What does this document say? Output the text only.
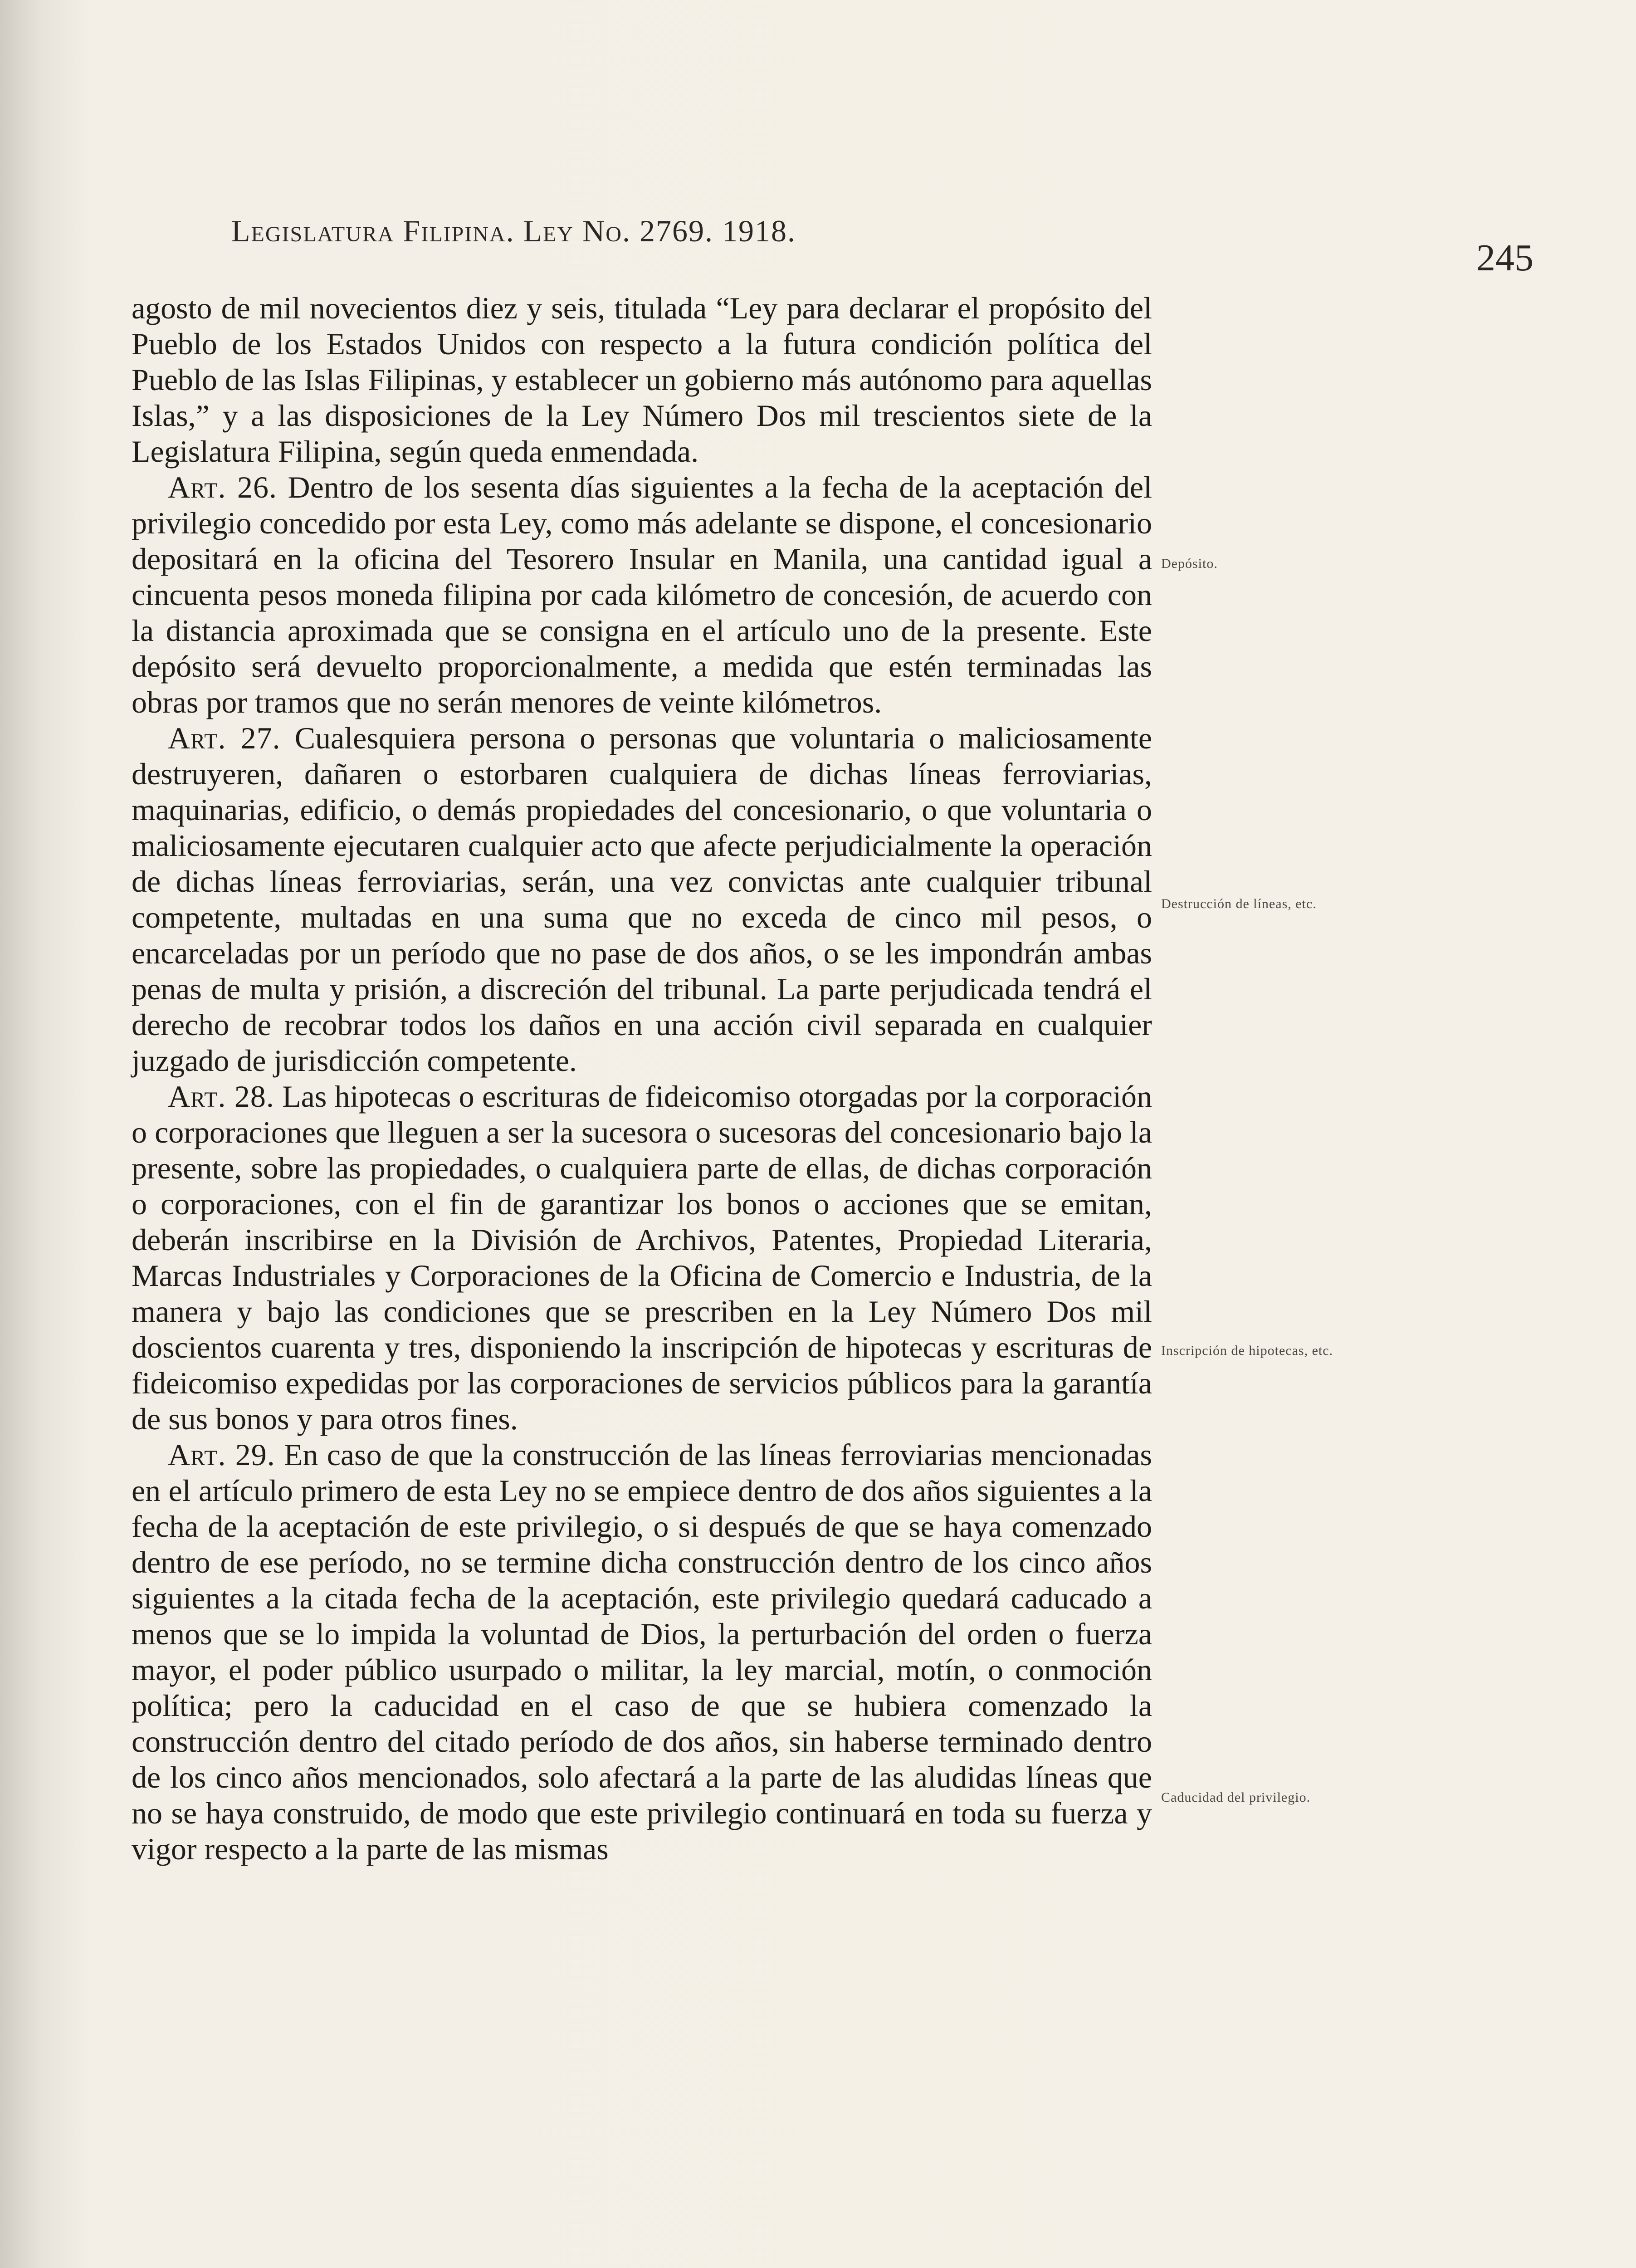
Legislatura Filipina. Ley No. 2769. 1918.
245

agosto de mil novecientos diez y seis, titulada “Ley para declarar el propósito del Pueblo de los Estados Unidos con respecto a la futura condición política del Pueblo de las Islas Filipinas, y establecer un gobierno más autónomo para aquellas Islas,” y a las disposiciones de la Ley Número Dos mil trescientos siete de la Legislatura Filipina, según queda enmendada.

Art. 26. Dentro de los sesenta días siguientes a la fecha de la aceptación del privilegio concedido por esta Ley, como más adelante se dispone, el concesionario depositará en la oficina del Tesorero Insular en Manila, una cantidad igual a cincuenta pesos moneda filipina por cada kilómetro de concesión, de acuerdo con la distancia aproximada que se consigna en el artículo uno de la presente. Este depósito será devuelto proporcionalmente, a medida que estén terminadas las obras por tramos que no serán menores de veinte kilómetros.

Art. 27. Cualesquiera persona o personas que voluntaria o maliciosamente destruyeren, dañaren o estorbaren cualquiera de dichas líneas ferroviarias, maquinarias, edificio, o demás propiedades del concesionario, o que voluntaria o maliciosamente ejecutaren cualquier acto que afecte perjudicialmente la operación de dichas líneas ferroviarias, serán, una vez convictas ante cualquier tribunal competente, multadas en una suma que no exceda de cinco mil pesos, o encarceladas por un período que no pase de dos años, o se les impondrán ambas penas de multa y prisión, a discreción del tribunal. La parte perjudicada tendrá el derecho de recobrar todos los daños en una acción civil separada en cualquier juzgado de jurisdicción competente.

Art. 28. Las hipotecas o escrituras de fideicomiso otorgadas por la corporación o corporaciones que lleguen a ser la sucesora o sucesoras del concesionario bajo la presente, sobre las propiedades, o cualquiera parte de ellas, de dichas corporación o corporaciones, con el fin de garantizar los bonos o acciones que se emitan, deberán inscribirse en la División de Archivos, Patentes, Propiedad Literaria, Marcas Industriales y Corporaciones de la Oficina de Comercio e Industria, de la manera y bajo las condiciones que se prescriben en la Ley Número Dos mil doscientos cuarenta y tres, disponiendo la inscripción de hipotecas y escrituras de fideicomiso expedidas por las corporaciones de servicios públicos para la garantía de sus bonos y para otros fines.

Art. 29. En caso de que la construcción de las líneas ferroviarias mencionadas en el artículo primero de esta Ley no se empiece dentro de dos años siguientes a la fecha de la aceptación de este privilegio, o si después de que se haya comenzado dentro de ese período, no se termine dicha construcción dentro de los cinco años siguientes a la citada fecha de la aceptación, este privilegio quedará caducado a menos que se lo impida la voluntad de Dios, la perturbación del orden o fuerza mayor, el poder público usurpado o militar, la ley marcial, motín, o conmoción política; pero la caducidad en el caso de que se hubiera comenzado la construcción dentro del citado período de dos años, sin haberse terminado dentro de los cinco años mencionados, solo afectará a la parte de las aludidas líneas que no se haya construido, de modo que este privilegio continuará en toda su fuerza y vigor respecto a la parte de las mismas

Depósito.
Destrucción de líneas, etc.
Inscripción de hipotecas, etc.
Caducidad del privilegio.
